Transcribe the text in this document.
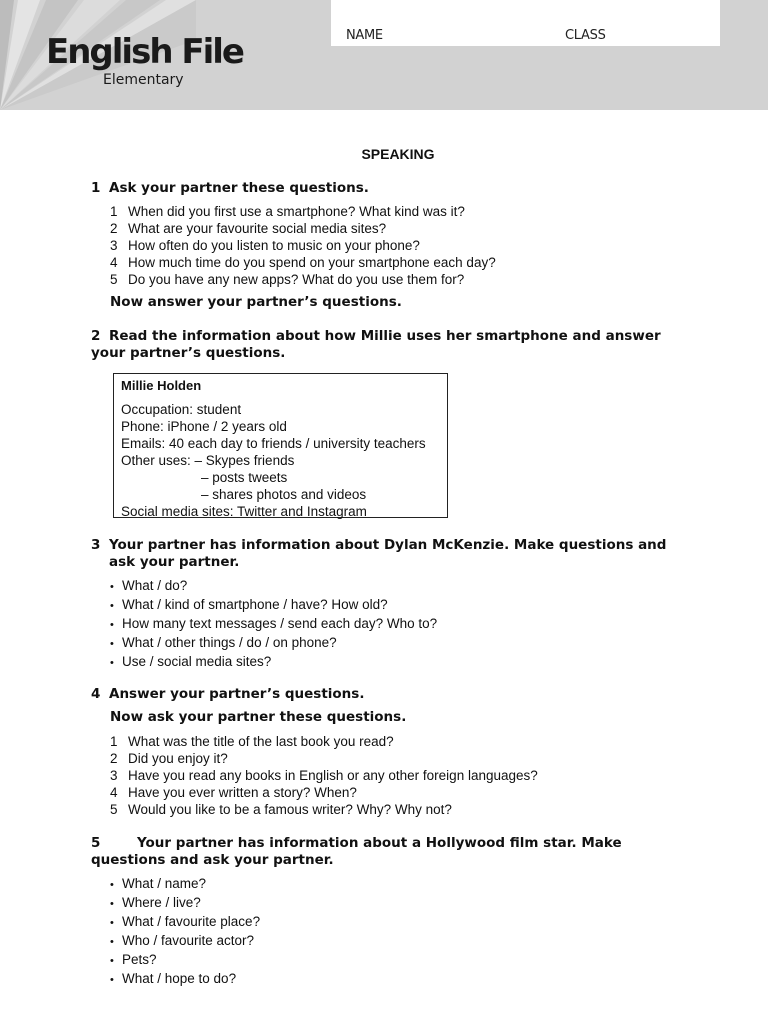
English File
Elementary
NAME	CLASS
SPEAKING
1 Ask your partner these questions.
1 When did you first use a smartphone? What kind was it?
2 What are your favourite social media sites?
3 How often do you listen to music on your phone?
4 How much time do you spend on your smartphone each day?
5 Do you have any new apps? What do you use them for?
Now answer your partner’s questions.
2 Read the information about how Millie uses her smartphone and answer your partner’s questions.
Millie Holden
Occupation: student
Phone: iPhone / 2 years old
Emails: 40 each day to friends / university teachers
Other uses: – Skypes friends
– posts tweets
– shares photos and videos
Social media sites: Twitter and Instagram
3 Your partner has information about Dylan McKenzie. Make questions and ask your partner.
• What / do?
• What / kind of smartphone / have? How old?
• How many text messages / send each day? Who to?
• What / other things / do / on phone?
• Use / social media sites?
4 Answer your partner’s questions.
Now ask your partner these questions.
1 What was the title of the last book you read?
2 Did you enjoy it?
3 Have you read any books in English or any other foreign languages?
4 Have you ever written a story? When?
5 Would you like to be a famous writer? Why? Why not?
5	Your partner has information about a Hollywood film star. Make questions and ask your partner.
• What / name?
• Where / live?
• What / favourite place?
• Who / favourite actor?
• Pets?
• What / hope to do?
